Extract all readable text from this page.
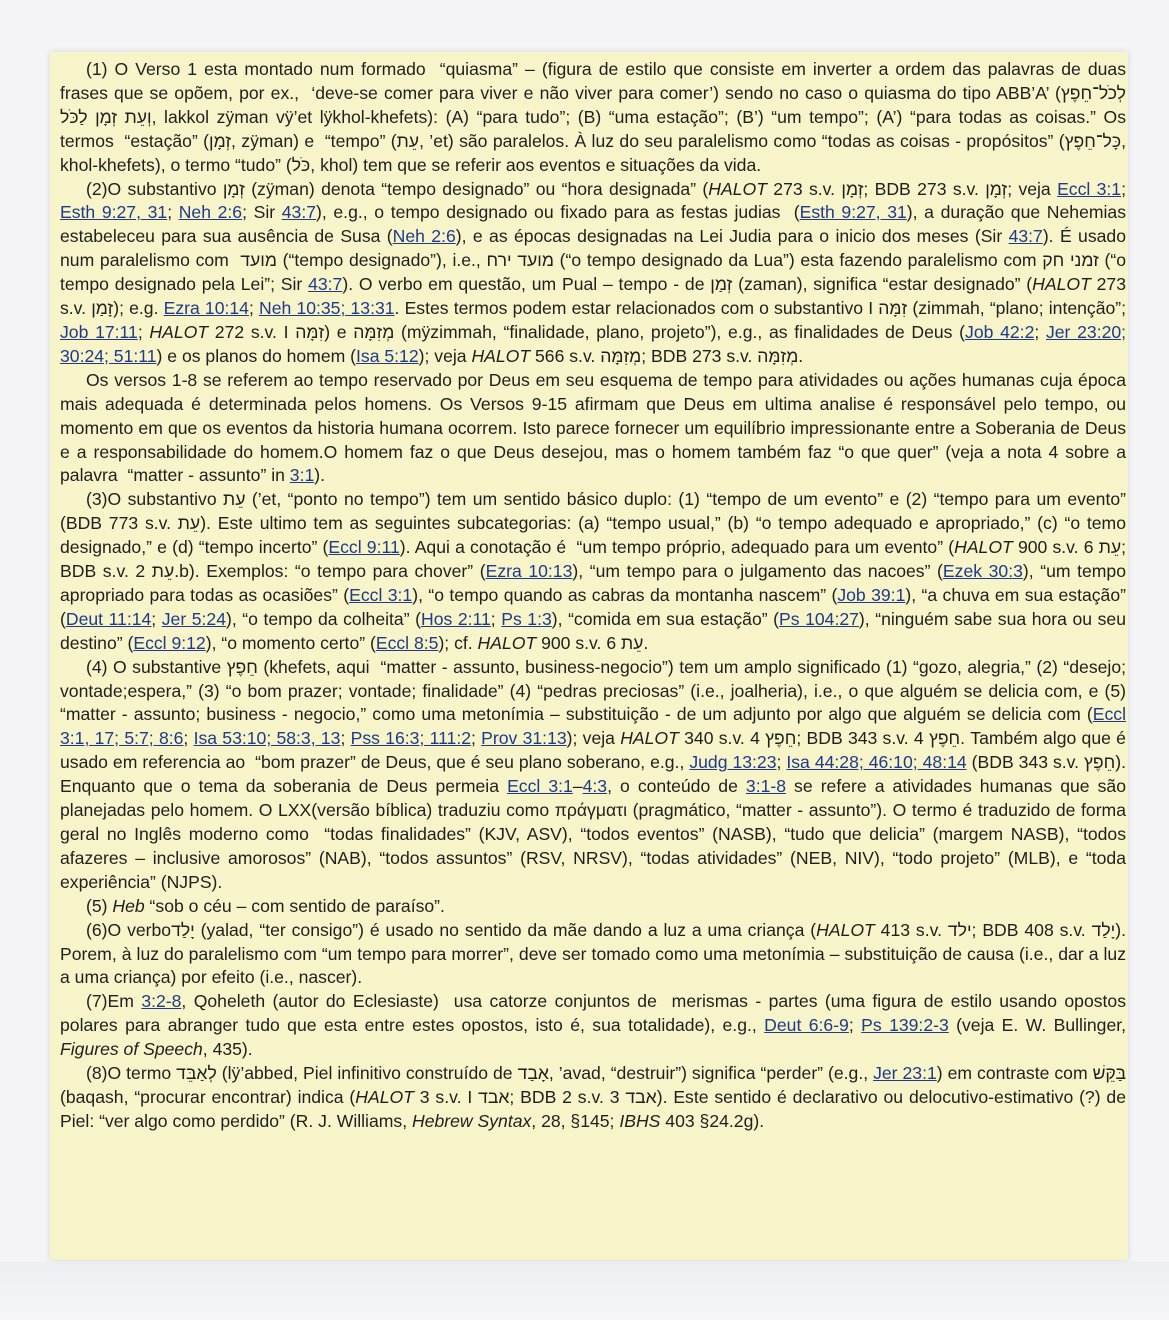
(1) O Verso 1 esta montado num formado  “quiasma” – (figura de estilo que consiste em inverter a ordem das palavras de duas frases que se opõem, por ex.,  ‘deve-se comer para viver e não viver para comer’) sendo no caso o quiasma do tipo ABB’A’ (לְכֹל־חֵפֶץ וְעֵת זְמָן לַכֹּל, lakkol zÿman vÿ’et lÿkhol-khefets): (A) “para tudo”; (B) “uma estação”; (B’) “um tempo”; (A’) “para todas as coisas.” Os termos  “estação” (זְמָן, zÿman) e  “tempo” (עֵת, ’et) são paralelos. À luz do seu paralelismo como “todas as coisas - propósitos” (כָּל־חֵפֶץ, khol-khefets), o termo “tudo” (כֹּל, khol) tem que se referir aos eventos e situações da vida.

(2)O substantivo זְמָן (zÿman) denota “tempo designado” ou “hora designada” (HALOT 273 s.v. זְמָן; BDB 273 s.v. זְמָן; veja Eccl 3:1; Esth 9:27, 31; Neh 2:6; Sir 43:7), e.g., o tempo designado ou fixado para as festas judias  (Esth 9:27, 31), a duração que Nehemias estabeleceu para sua ausência de Susa (Neh 2:6), e as épocas designadas na Lei Judia para o inicio dos meses (Sir 43:7). É usado num paralelismo com  מועד (“tempo designado”), i.e., מועד ירח (“o tempo designado da Lua”) esta fazendo paralelismo com זמני חק (“o tempo designado pela Lei”; Sir 43:7). O verbo em questão, um Pual – tempo - de זְמַן (zaman), significa “estar designado” (HALOT 273 s.v. זָמַן); e.g. Ezra 10:14; Neh 10:35; 13:31. Estes termos podem estar relacionados com o substantivo I זִמָּה (zimmah, “plano; intenção”; Job 17:11; HALOT 272 s.v. I זִמָּה) e מְזִמָּה (mÿzimmah, “finalidade, plano, projeto”), e.g., as finalidades de Deus (Job 42:2; Jer 23:20; 30:24; 51:11) e os planos do homem (Isa 5:12); veja HALOT 566 s.v. מְזִמָּה; BDB 273 s.v. מְזִמָּה.

Os versos 1-8 se referem ao tempo reservado por Deus em seu esquema de tempo para atividades ou ações humanas cuja época mais adequada é determinada pelos homens. Os Versos 9-15 afirmam que Deus em ultima analise é responsável pelo tempo, ou momento em que os eventos da historia humana ocorrem. Isto parece fornecer um equilíbrio impressionante entre a Soberania de Deus e a responsabilidade do homem.O homem faz o que Deus desejou, mas o homem também faz “o que quer” (veja a nota 4 sobre a palavra  “matter - assunto” in 3:1).

(3)O substantivo עֵת (’et, “ponto no tempo”) tem um sentido básico duplo: (1) “tempo de um evento” e (2) “tempo para um evento” (BDB 773 s.v. עֵת). Este ultimo tem as seguintes subcategorias: (a) “tempo usual,” (b) “o tempo adequado e apropriado,” (c) “o temo designado,” e (d) “tempo incerto” (Eccl 9:11). Aqui a conotação é  “um tempo próprio, adequado para um evento” (HALOT 900 s.v. עֵת 6; BDB s.v. עֵת 2.b). Exemplos: “o tempo para chover” (Ezra 10:13), “um tempo para o julgamento das nacoes” (Ezek 30:3), “um tempo apropriado para todas as ocasiões” (Eccl 3:1), “o tempo quando as cabras da montanha nascem” (Job 39:1), “a chuva em sua estação” (Deut 11:14; Jer 5:24), “o tempo da colheita” (Hos 2:11; Ps 1:3), “comida em sua estação” (Ps 104:27), “ninguém sabe sua hora ou seu destino” (Eccl 9:12), “o momento certo” (Eccl 8:5); cf. HALOT 900 s.v. עֵת 6.

(4) O substantive חֵפֶץ (khefets, aqui  “matter - assunto, business-negocio”) tem um amplo significado (1) “gozo, alegria,” (2) “desejo; vontade;espera,” (3) “o bom prazer; vontade; finalidade” (4) “pedras preciosas” (i.e., joalheria), i.e., o que alguém se delicia com, e (5) “matter - assunto; business - negocio,” como uma metonímia – substituição - de um adjunto por algo que alguém se delicia com (Eccl 3:1, 17; 5:7; 8:6; Isa 53:10; 58:3, 13; Pss 16:3; 111:2; Prov 31:13); veja HALOT 340 s.v. חֵפֶץ 4; BDB 343 s.v. חֵפֶץ 4. Também algo que é usado em referencia ao  “bom prazer” de Deus, que é seu plano soberano, e.g., Judg 13:23; Isa 44:28; 46:10; 48:14 (BDB 343 s.v. חֵפֶץ). Enquanto que o tema da soberania de Deus permeia Eccl 3:1–4:3, o conteúdo de 3:1-8 se refere a atividades humanas que são planejadas pelo homem. O LXX(versão bíblica) traduziu como πράγματι (pragmático, “matter - assunto”). O termo é traduzido de forma geral no Inglês moderno como  “todas finalidades” (KJV, ASV), “todos eventos” (NASB), “tudo que delicia” (margem NASB), “todos afazeres – inclusive amorosos” (NAB), “todos assuntos” (RSV, NRSV), “todas atividades” (NEB, NIV), “todo projeto” (MLB), e “toda experiência” (NJPS).

(5) Heb “sob o céu – com sentido de paraíso”.

(6)O verboיָלַד (yalad, “ter consigo”) é usado no sentido da mãe dando a luz a uma criança (HALOT 413 s.v. ילד; BDB 408 s.v. יָלַד). Porem, à luz do paralelismo com “um tempo para morrer”, deve ser tomado como uma metonímia – substituição de causa (i.e., dar a luz a uma criança) por efeito (i.e., nascer).

(7)Em 3:2-8, Qoheleth (autor do Eclesiaste)  usa catorze conjuntos de  merismas - partes (uma figura de estilo usando opostos polares para abranger tudo que esta entre estes opostos, isto é, sua totalidade), e.g., Deut 6:6-9; Ps 139:2-3 (veja E. W. Bullinger, Figures of Speech, 435).

(8)O termo לְאַבֵּד (lÿ’abbed, Piel infinitivo construído de אָבַד, ’avad, “destruir”) significa “perder” (e.g., Jer 23:1) em contraste com בַּקֵּשׁ (baqash, “procurar encontrar) indica (HALOT 3 s.v. I אבד; BDB 2 s.v. אבד 3). Este sentido é declarativo ou delocutivo-estimativo (?) de Piel: “ver algo como perdido” (R. J. Williams, Hebrew Syntax, 28, §145; IBHS 403 §24.2g).
